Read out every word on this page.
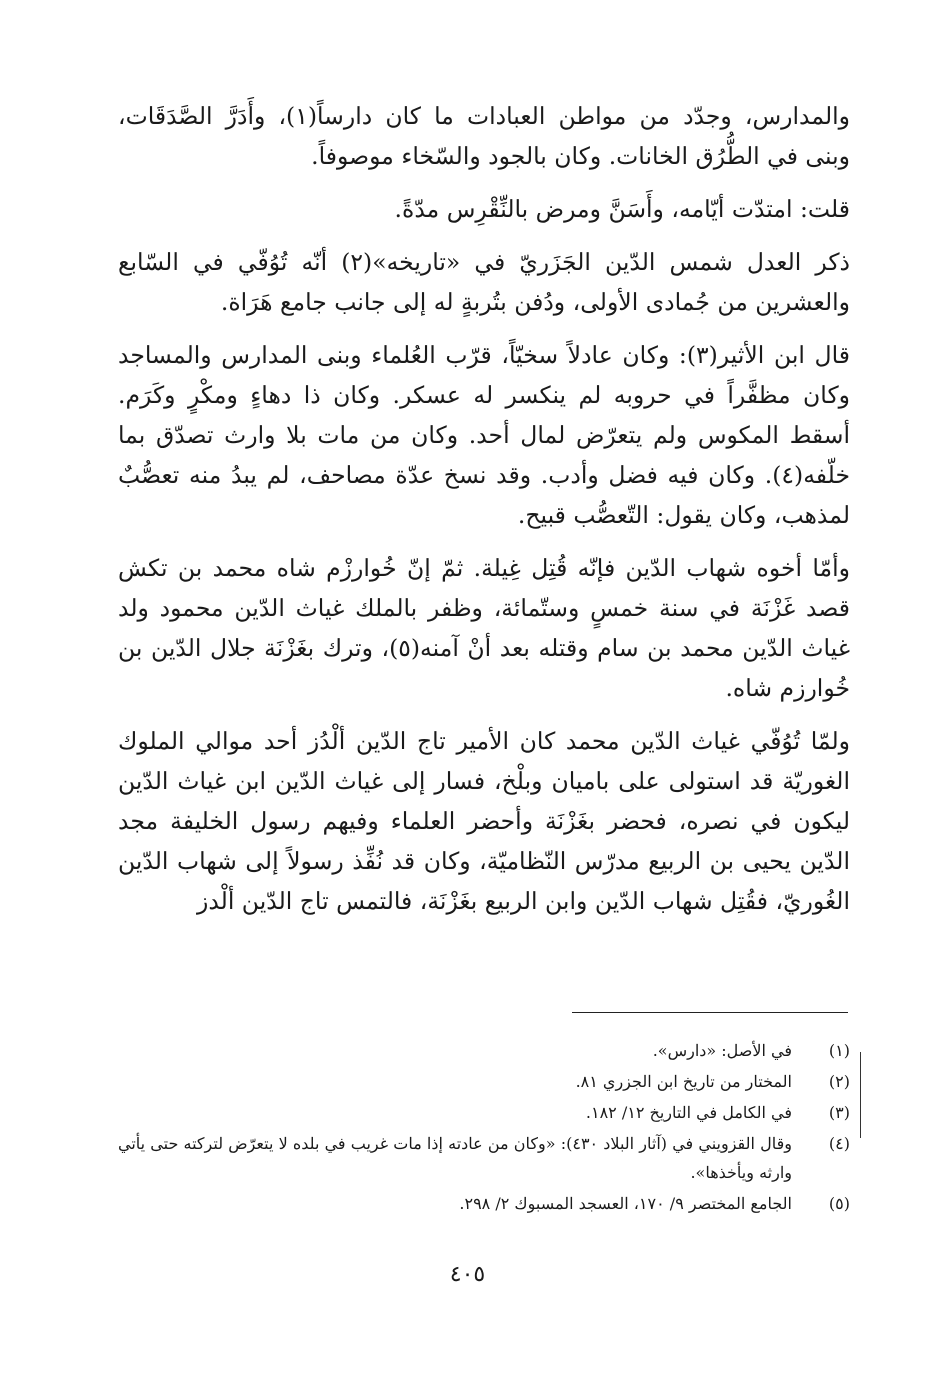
والمدارس، وجدّد من مواطن العبادات ما كان دارساً(١)، وأَدَرَّ الصَّدَقَات، وبنى في الطُّرُق الخانات. وكان بالجود والسّخاء موصوفاً.

قلت: امتدّت أيّامه، وأَسَنَّ ومرض بالنِّقْرِس مدّةً.

ذكر العدل شمس الدّين الجَزَريّ في «تاريخه»(٢) أنّه تُوُفّي في السّابع والعشرين من جُمادى الأولى، ودُفن بتُربةٍ له إلى جانب جامع هَرَاة.

قال ابن الأثير(٣): وكان عادلاً سخيّاً، قرّب العُلماء وبنى المدارس والمساجد وكان مظفَّراً في حروبه لم ينكسر له عسكر. وكان ذا دهاءٍ ومكْرٍ وكَرَم. أسقط المكوس ولم يتعرّض لمال أحد. وكان من مات بلا وارث تصدّق بما خلّفه(٤). وكان فيه فضل وأدب. وقد نسخ عدّة مصاحف، لم يبدُ منه تعصُّبٌ لمذهب، وكان يقول: التّعصُّب قبيح.

وأمّا أخوه شهاب الدّين فإنّه قُتِل غِيلة. ثمّ إنّ خُوارزْم شاه محمد بن تكش قصد غَزْنَة في سنة خمسٍ وستّمائة، وظفر بالملك غياث الدّين محمود ولد غياث الدّين محمد بن سام وقتله بعد أنْ آمنه(٥)، وترك بغَزْنَة جلال الدّين بن خُوارزم شاه.

ولمّا تُوُفّي غياث الدّين محمد كان الأمير تاج الدّين ألْدُز أحد موالي الملوك الغوريّة قد استولى على باميان وبلْخ، فسار إلى غياث الدّين ابن غياث الدّين ليكون في نصره، فحضر بغَزْنَة وأحضر العلماء وفيهم رسول الخليفة مجد الدّين يحيى بن الربيع مدرّس النّظاميّة، وكان قد نُفِّذ رسولاً إلى شهاب الدّين الغُوريّ، فقُتِل شهاب الدّين وابن الربيع بغَزْنَة، فالتمس تاج الدّين ألْدز

(١)
في الأصل: «دارس».
(٢)
المختار من تاريخ ابن الجزري ٨١.
(٣)
في الكامل في التاريخ ١٢/ ١٨٢.
(٤)
وقال القزويني في (آثار البلاد ٤٣٠): «وكان من عادته إذا مات غريب في بلده لا يتعرّض لتركته حتى يأتي وارثه ويأخذها».
(٥)
الجامع المختصر ٩/ ١٧٠، العسجد المسبوك ٢/ ٢٩٨.
٤٠٥
